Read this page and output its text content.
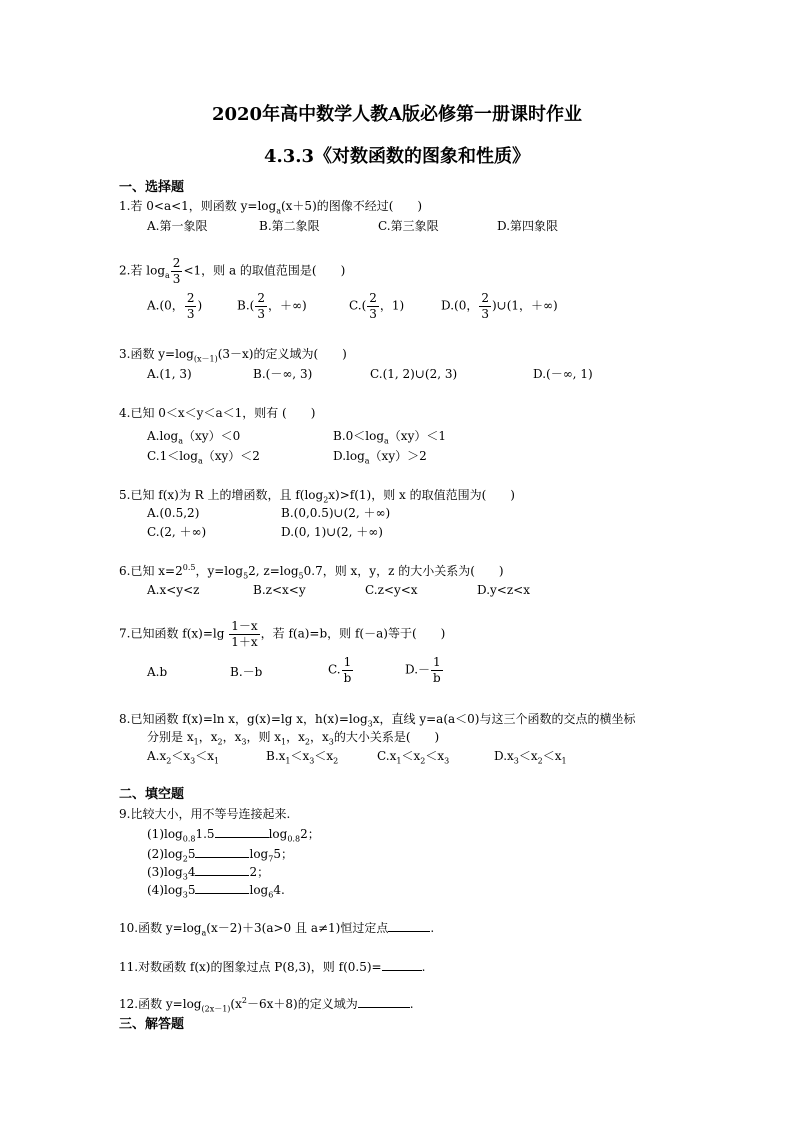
2020年高中数学人教A版必修第一册课时作业
4.3.3《对数函数的图象和性质》
一、选择题
1.若 0<a<1，则函数 $y=\log_a(x+5)$的图像不经过(　　)
A.第一象限	B.第二象限	C.第三象限	D.第四象限
2.若 $\log_a \frac{2}{3} <1$，则 a 的取值范围是(　　)
A.(0， $\frac{2}{3}$ )	$B.( \frac{2}{3}$ ，＋∞)	$C.( \frac{2}{3}$ ，1)	D.(0， $\frac{2}{3}$ )∪(1，＋∞)
3.函数 $y=\log_{(x-1)}(3-x)$的定义域为(　　)
A.(1, 3)	B.(－∞, 3)	C.(1, 2)∪(2, 3)	D.(－∞, 1)
4.已知 0＜x＜y＜a＜1，则有 (　　)
$A.\log_a(xy)<0$	$B.0<\log_a(xy)<1$
$C.1<\log_a(xy)<2$	$D.\log_a(xy)>2$
5.已知 f(x)为 R 上的增函数，且 $f(\log_2x)>f(1)$，则 x 的取值范围为(　　)
A.(0.5,2)	B.(0,0.5)∪(2, ＋∞)
C.(2, ＋∞)	D.(0, 1)∪(2, ＋∞)
6.已知 $x=2^{0.5}$，$y=\log_52$, $z=\log_50.7$，则 x，y，z 的大小关系为(　　)
A.x<y<z	B.z<x<y	C.z<y<x	D.y<z<x
7.已知函数 $f(x)=\lg \frac{1-x}{1+x}$ ，若 f(a)=b，则 f(－a)等于(　　)
A.b	B.－b	C. $\frac{1}{b}$	$D.- \frac{1}{b}$
8.已知函数 f(x)=ln x，g(x)=lg x，$h(x)=\log_3x$，直线 y=a(a＜0)与这三个函数的交点的横坐标
分别是 $x_1$，$x_2$，$x_3$，则 $x_1$，$x_2$，$x_3$的大小关系是(　　)
$A.x_2<x_3<x_1$	$B.x_1<x_3<x_2$	$C.x_1<x_2<x_3$	$D.x_3<x_2<x_1$
二、填空题
9.比较大小，用不等号连接起来.
$(1)\log_{0.8}1.5$	$\log_{0.8}2$；
$(2)\log_25$	$\log_75$；
$(3)\log_34$	2；
$(4)\log_35$	$\log_64$.
10.函数 $y=\log_a(x-2)+3(a>0$ 且 a≠1)恒过定点	.
11.对数函数 f(x)的图象过点 P(8,3)，则 f(0.5)=	.
12.函数 $y=\log_{(2x-1)}(x^2-6x+8)$的定义域为	.
三、解答题
